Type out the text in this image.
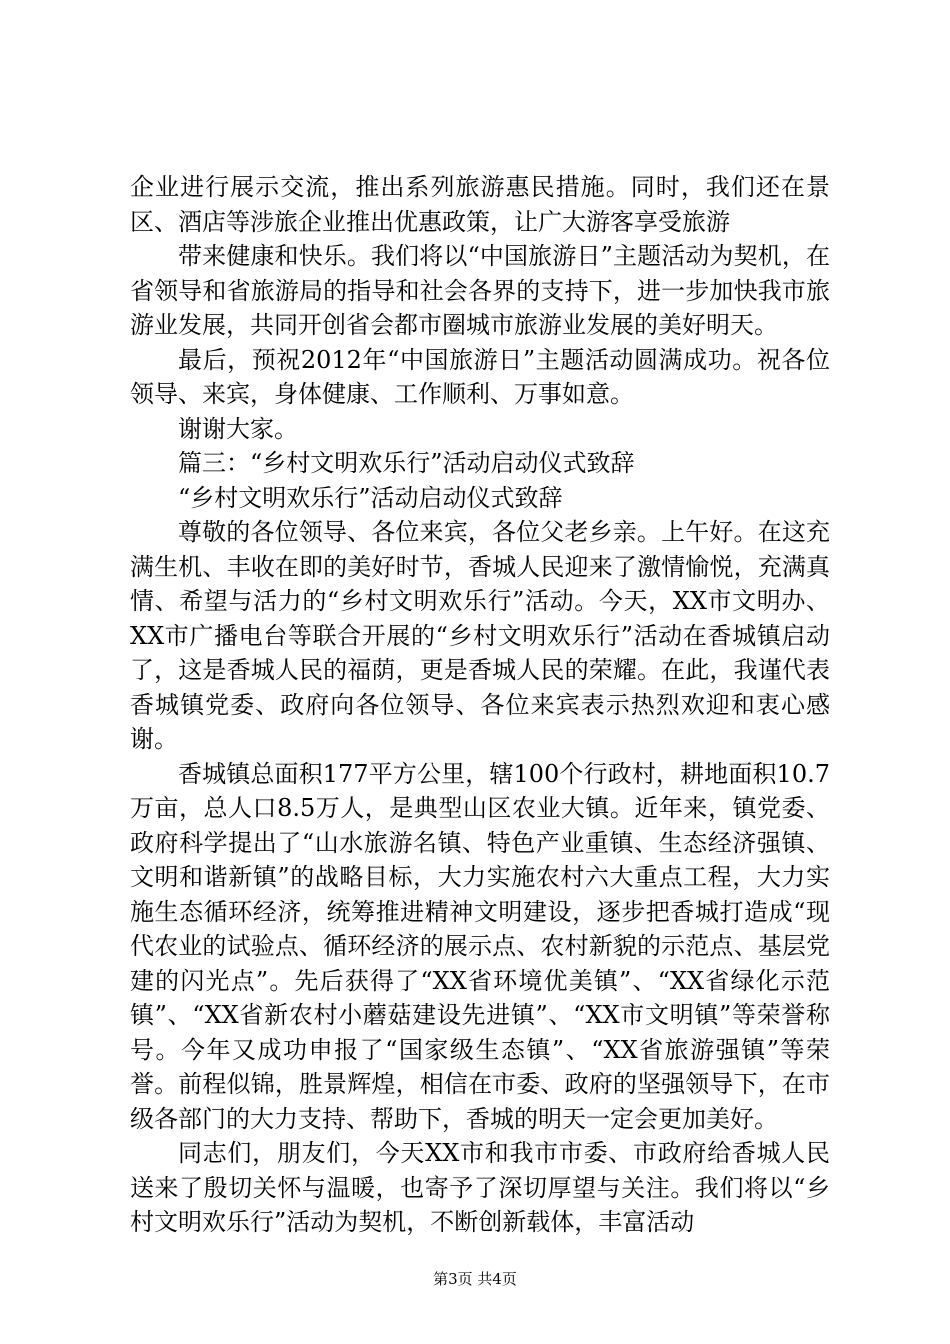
企业进行展示交流，推出系列旅游惠民措施。同时，我们还在景区、酒店等涉旅企业推出优惠政策，让广大游客享受旅游

带来健康和快乐。我们将以“中国旅游日”主题活动为契机，在省领导和省旅游局的指导和社会各界的支持下，进一步加快我市旅游业发展，共同开创省会都市圈城市旅游业发展的美好明天。

最后，预祝2012年“中国旅游日”主题活动圆满成功。祝各位领导、来宾，身体健康、工作顺利、万事如意。

谢谢大家。

篇三：“乡村文明欢乐行”活动启动仪式致辞

“乡村文明欢乐行”活动启动仪式致辞

尊敬的各位领导、各位来宾，各位父老乡亲。上午好。在这充满生机、丰收在即的美好时节，香城人民迎来了激情愉悦，充满真情、希望与活力的“乡村文明欢乐行”活动。今天，XX市文明办、XX市广播电台等联合开展的“乡村文明欢乐行”活动在香城镇启动了，这是香城人民的福荫，更是香城人民的荣耀。在此，我谨代表香城镇党委、政府向各位领导、各位来宾表示热烈欢迎和衷心感谢。

香城镇总面积177平方公里，辖100个行政村，耕地面积10.7万亩，总人口8.5万人，是典型山区农业大镇。近年来，镇党委、政府科学提出了“山水旅游名镇、特色产业重镇、生态经济强镇、文明和谐新镇”的战略目标，大力实施农村六大重点工程，大力实施生态循环经济，统筹推进精神文明建设，逐步把香城打造成“现代农业的试验点、循环经济的展示点、农村新貌的示范点、基层党建的闪光点”。先后获得了“XX省环境优美镇”、“XX省绿化示范镇”、“XX省新农村小蘑菇建设先进镇”、“XX市文明镇”等荣誉称号。今年又成功申报了“国家级生态镇”、“XX省旅游强镇”等荣誉。前程似锦，胜景辉煌，相信在市委、政府的坚强领导下，在市级各部门的大力支持、帮助下，香城的明天一定会更加美好。

同志们，朋友们，今天XX市和我市市委、市政府给香城人民送来了殷切关怀与温暖，也寄予了深切厚望与关注。我们将以“乡村文明欢乐行”活动为契机，不断创新载体，丰富活动

第3页 共4页
